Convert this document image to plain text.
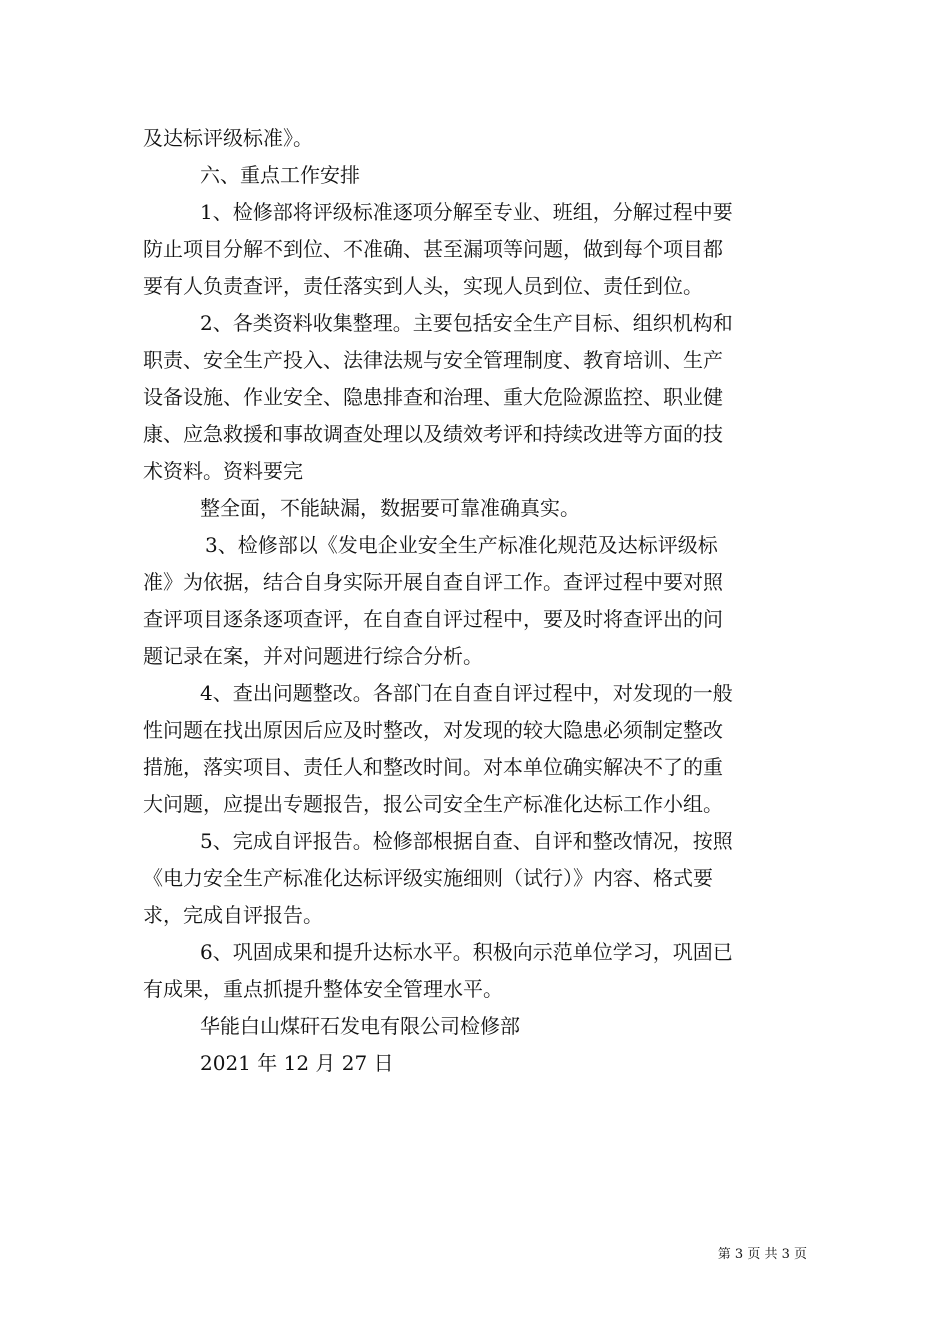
及达标评级标准》。
六、重点工作安排
1、检修部将评级标准逐项分解至专业、班组，分解过程中要
防止项目分解不到位、不准确、甚至漏项等问题，做到每个项目都
要有人负责查评，责任落实到人头，实现人员到位、责任到位。
2、各类资料收集整理。主要包括安全生产目标、组织机构和
职责、安全生产投入、法律法规与安全管理制度、教育培训、生产
设备设施、作业安全、隐患排查和治理、重大危险源监控、职业健
康、应急救援和事故调查处理以及绩效考评和持续改进等方面的技
术资料。资料要完
整全面，不能缺漏，数据要可靠准确真实。
3、检修部以《发电企业安全生产标准化规范及达标评级标
准》为依据，结合自身实际开展自查自评工作。查评过程中要对照
查评项目逐条逐项查评，在自查自评过程中，要及时将查评出的问
题记录在案，并对问题进行综合分析。
4、查出问题整改。各部门在自查自评过程中，对发现的一般
性问题在找出原因后应及时整改，对发现的较大隐患必须制定整改
措施，落实项目、责任人和整改时间。对本单位确实解决不了的重
大问题，应提出专题报告，报公司安全生产标准化达标工作小组。
5、完成自评报告。检修部根据自查、自评和整改情况，按照
《电力安全生产标准化达标评级实施细则（试行）》内容、格式要
求，完成自评报告。
6、巩固成果和提升达标水平。积极向示范单位学习，巩固已
有成果，重点抓提升整体安全管理水平。
华能白山煤矸石发电有限公司检修部
2021 年 12 月 27 日
第 3 页 共 3 页
